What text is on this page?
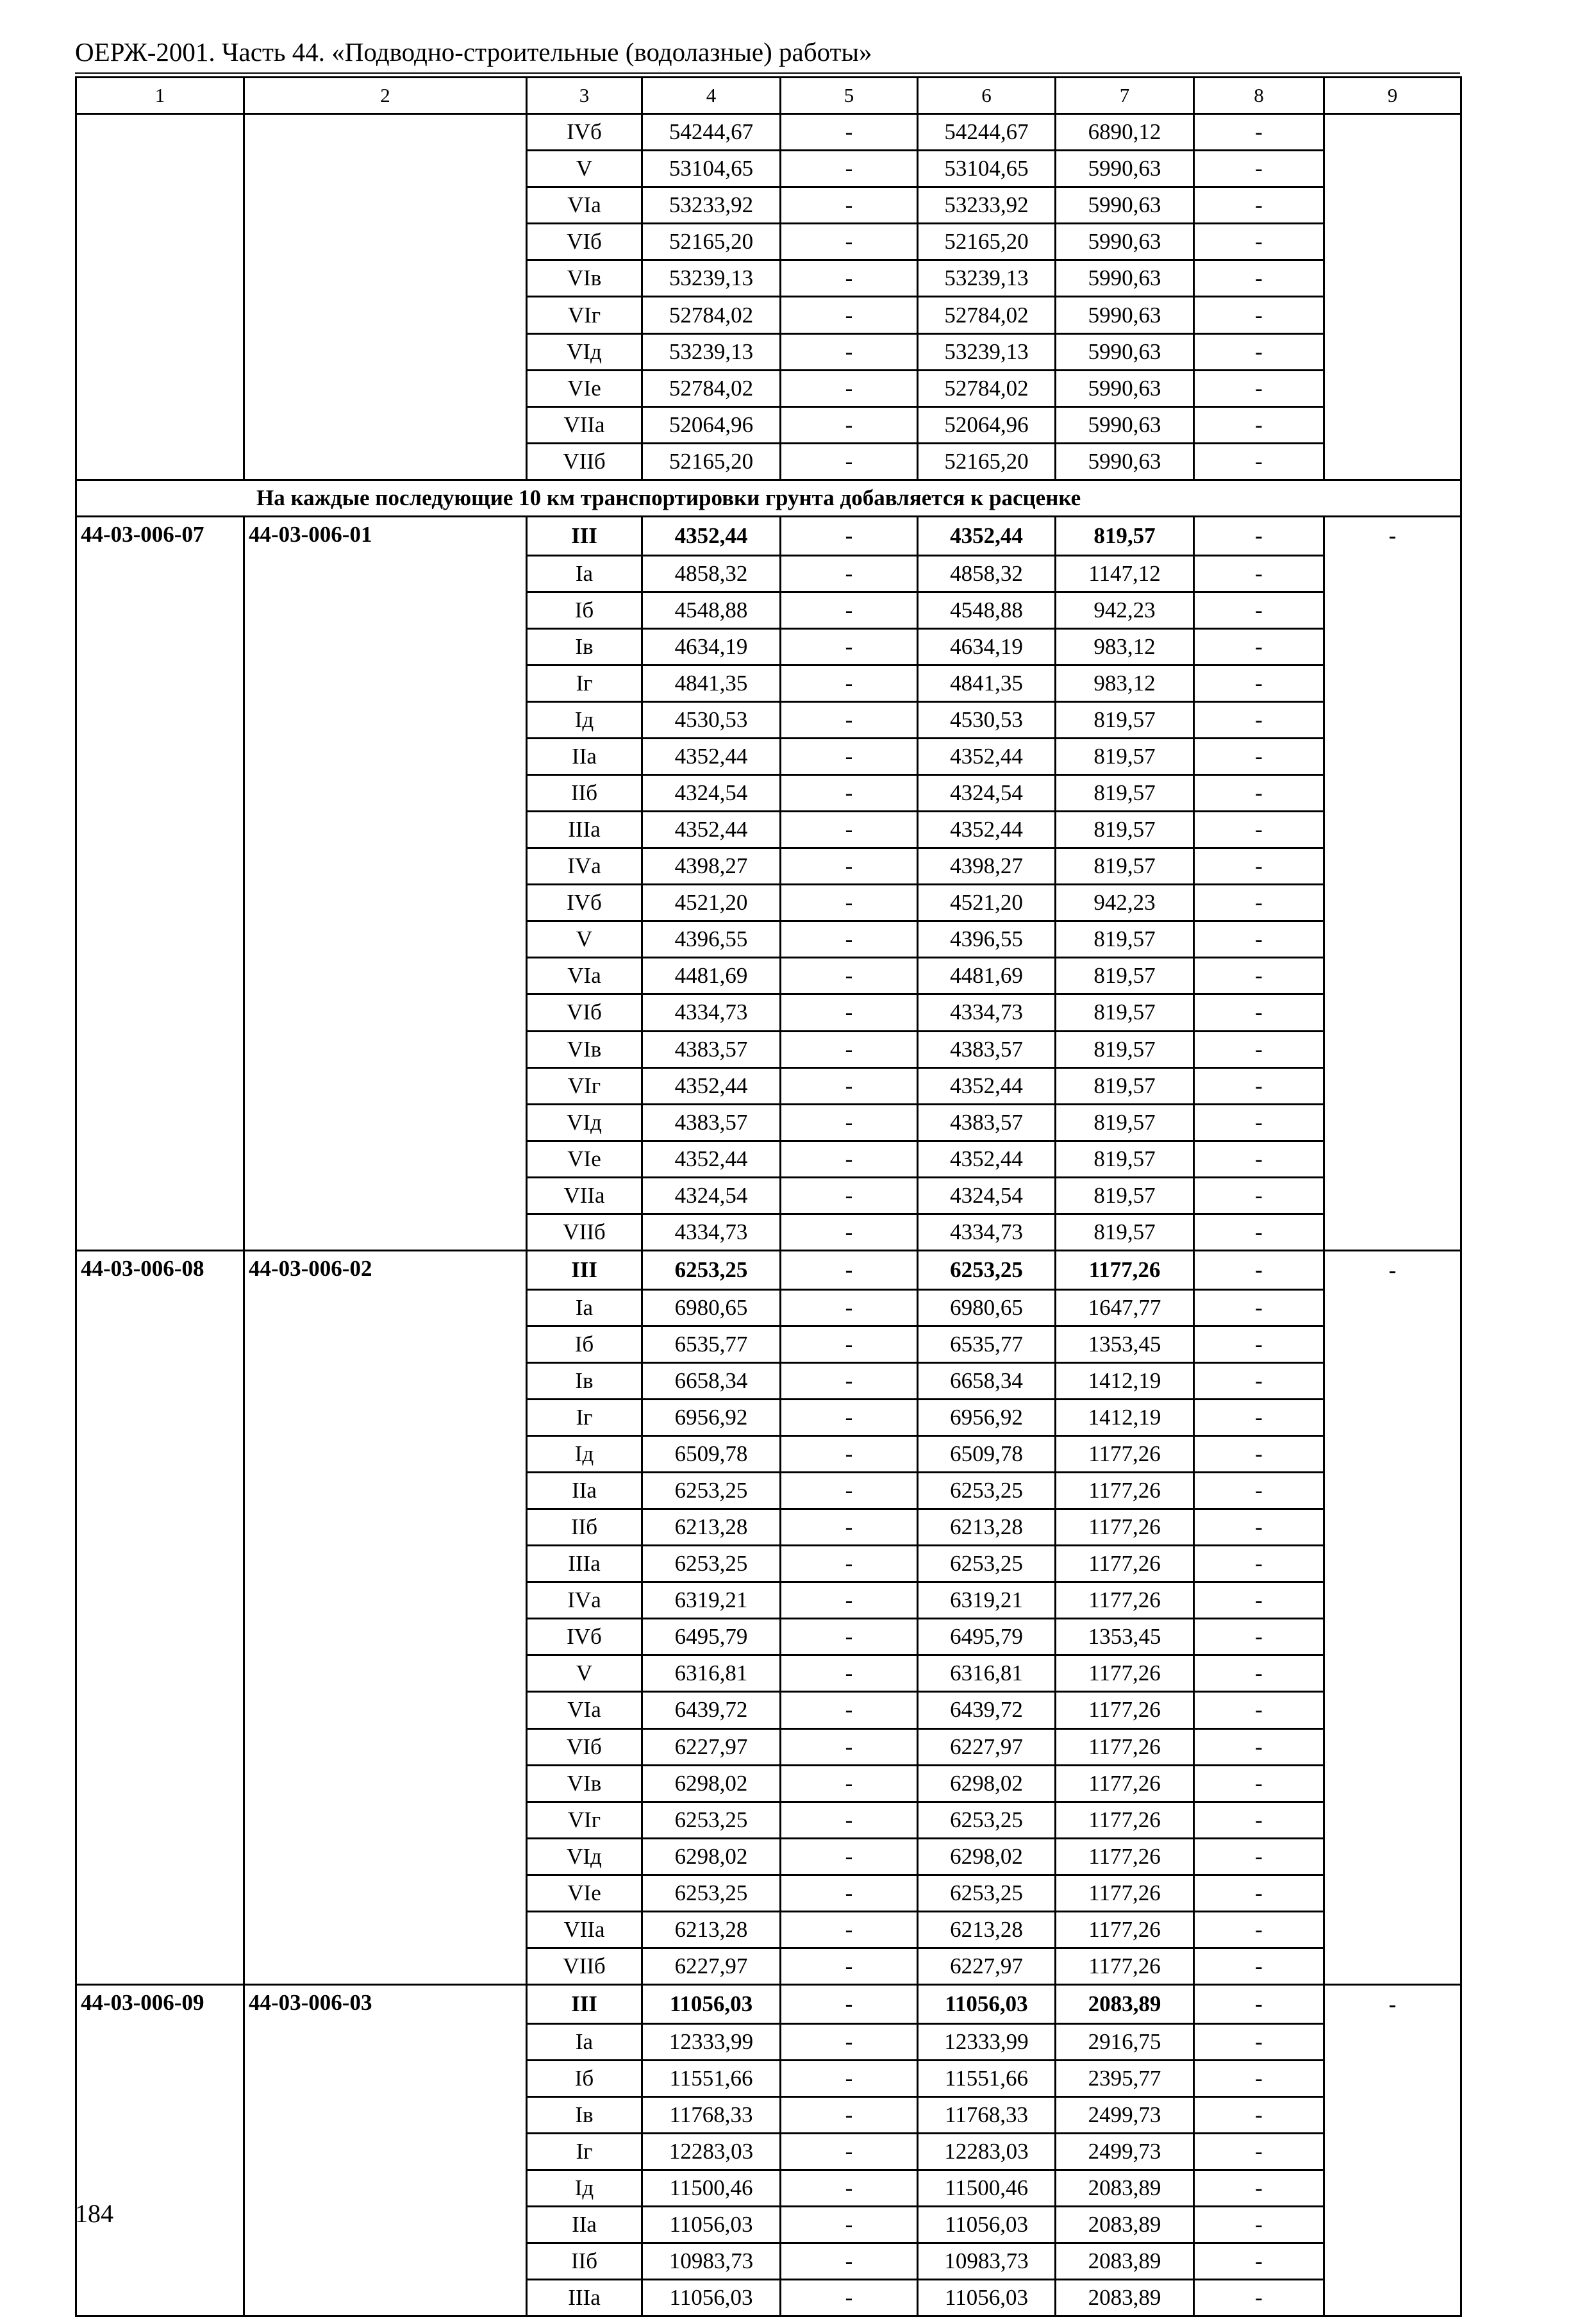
ОЕРЖ-2001. Часть 44. «Подводно-строительные (водолазные) работы»
1	2	3	4	5	6	7	8	9
		IVб	54244,67	-	54244,67	6890,12	-	
		V	53104,65	-	53104,65	5990,63	-	
		VIа	53233,92	-	53233,92	5990,63	-	
		VIб	52165,20	-	52165,20	5990,63	-	
		VIв	53239,13	-	53239,13	5990,63	-	
		VIг	52784,02	-	52784,02	5990,63	-	
		VIд	53239,13	-	53239,13	5990,63	-	
		VIе	52784,02	-	52784,02	5990,63	-	
		VIIа	52064,96	-	52064,96	5990,63	-	
		VIIб	52165,20	-	52165,20	5990,63	-	
На каждые последующие 10 км транспортировки грунта добавляется к расценке								
44-03-006-07	44-03-006-01	III	4352,44	-	4352,44	819,57	-	-
		Iа	4858,32	-	4858,32	1147,12	-	
		Iб	4548,88	-	4548,88	942,23	-	
		Iв	4634,19	-	4634,19	983,12	-	
		Iг	4841,35	-	4841,35	983,12	-	
		Iд	4530,53	-	4530,53	819,57	-	
		IIа	4352,44	-	4352,44	819,57	-	
		IIб	4324,54	-	4324,54	819,57	-	
		IIIа	4352,44	-	4352,44	819,57	-	
		IVа	4398,27	-	4398,27	819,57	-	
		IVб	4521,20	-	4521,20	942,23	-	
		V	4396,55	-	4396,55	819,57	-	
		VIа	4481,69	-	4481,69	819,57	-	
		VIб	4334,73	-	4334,73	819,57	-	
		VIв	4383,57	-	4383,57	819,57	-	
		VIг	4352,44	-	4352,44	819,57	-	
		VIд	4383,57	-	4383,57	819,57	-	
		VIе	4352,44	-	4352,44	819,57	-	
		VIIа	4324,54	-	4324,54	819,57	-	
		VIIб	4334,73	-	4334,73	819,57	-	
44-03-006-08	44-03-006-02	III	6253,25	-	6253,25	1177,26	-	-
		Iа	6980,65	-	6980,65	1647,77	-	
		Iб	6535,77	-	6535,77	1353,45	-	
		Iв	6658,34	-	6658,34	1412,19	-	
		Iг	6956,92	-	6956,92	1412,19	-	
		Iд	6509,78	-	6509,78	1177,26	-	
		IIа	6253,25	-	6253,25	1177,26	-	
		IIб	6213,28	-	6213,28	1177,26	-	
		IIIа	6253,25	-	6253,25	1177,26	-	
		IVа	6319,21	-	6319,21	1177,26	-	
		IVб	6495,79	-	6495,79	1353,45	-	
		V	6316,81	-	6316,81	1177,26	-	
		VIа	6439,72	-	6439,72	1177,26	-	
		VIб	6227,97	-	6227,97	1177,26	-	
		VIв	6298,02	-	6298,02	1177,26	-	
		VIг	6253,25	-	6253,25	1177,26	-	
		VIд	6298,02	-	6298,02	1177,26	-	
		VIе	6253,25	-	6253,25	1177,26	-	
		VIIа	6213,28	-	6213,28	1177,26	-	
		VIIб	6227,97	-	6227,97	1177,26	-	
44-03-006-09	44-03-006-03	III	11056,03	-	11056,03	2083,89	-	-
		Iа	12333,99	-	12333,99	2916,75	-	
		Iб	11551,66	-	11551,66	2395,77	-	
		Iв	11768,33	-	11768,33	2499,73	-	
		Iг	12283,03	-	12283,03	2499,73	-	
		Iд	11500,46	-	11500,46	2083,89	-	
		IIа	11056,03	-	11056,03	2083,89	-	
		IIб	10983,73	-	10983,73	2083,89	-	
		IIIа	11056,03	-	11056,03	2083,89	-	
184
